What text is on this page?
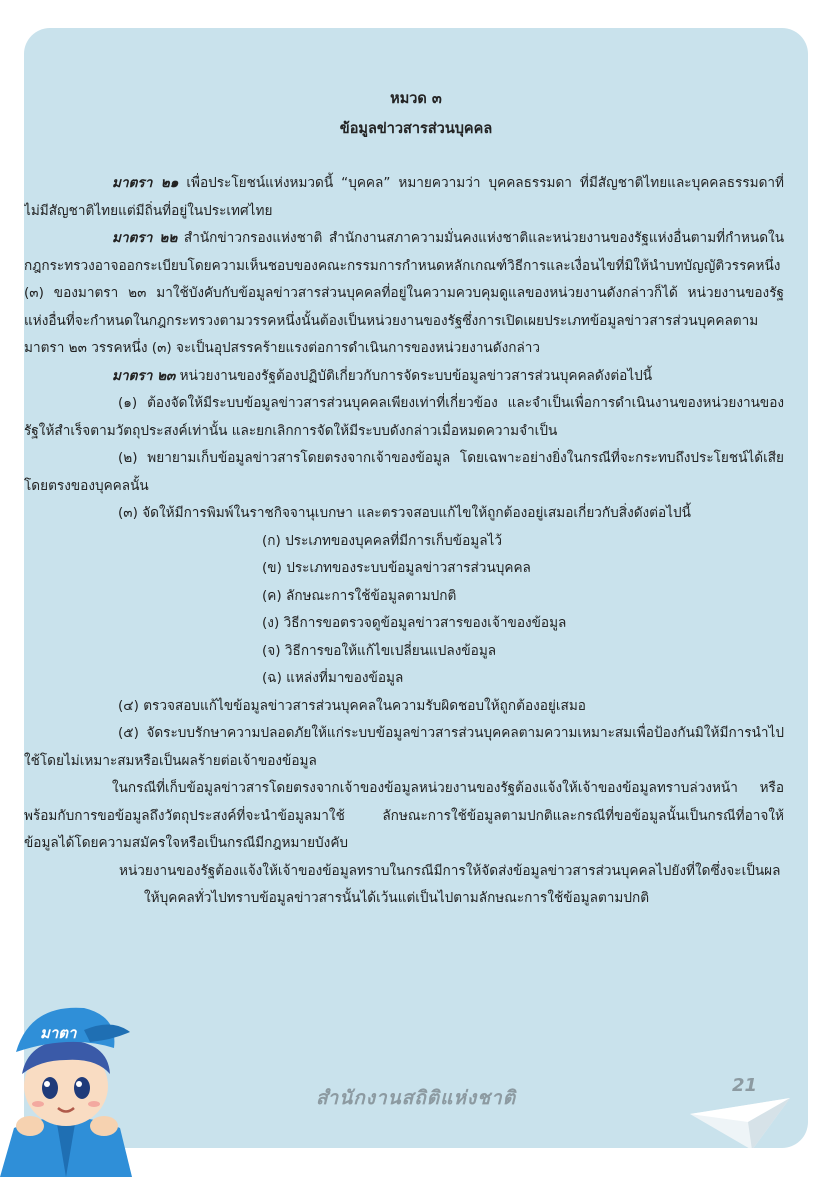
หมวด ๓
ข้อมูลข่าวสารส่วนบุคคล

มาตรา ๒๑ เพื่อประโยชน์แห่งหมวดนี้ “บุคคล” หมายความว่า บุคคลธรรมดา ที่มีสัญชาติไทยและบุคคลธรรมดาที่ไม่มีสัญชาติไทยแต่มีถิ่นที่อยู่ในประเทศไทย

มาตรา ๒๒ สำนักข่าวกรองแห่งชาติ สำนักงานสภาความมั่นคงแห่งชาติและหน่วยงานของรัฐแห่งอื่นตามที่กำหนดในกฎกระทรวงอาจออกระเบียบโดยความเห็นชอบของคณะกรรมการกำหนดหลักเกณฑ์วิธีการและเงื่อนไขที่มิให้นำบทบัญญัติวรรคหนึ่ง (๓) ของมาตรา ๒๓ มาใช้บังคับกับข้อมูลข่าวสารส่วนบุคคลที่อยู่ในความควบคุมดูแลของหน่วยงานดังกล่าวก็ได้ หน่วยงานของรัฐแห่งอื่นที่จะกำหนดในกฎกระทรวงตามวรรคหนึ่งนั้นต้องเป็นหน่วยงานของรัฐซึ่งการเปิดเผยประเภทข้อมูลข่าวสารส่วนบุคคลตามมาตรา ๒๓ วรรคหนึ่ง (๓) จะเป็นอุปสรรคร้ายแรงต่อการดำเนินการของหน่วยงานดังกล่าว

มาตรา ๒๓ หน่วยงานของรัฐต้องปฏิบัติเกี่ยวกับการจัดระบบข้อมูลข่าวสารส่วนบุคคลดังต่อไปนี้

(๑) ต้องจัดให้มีระบบข้อมูลข่าวสารส่วนบุคคลเพียงเท่าที่เกี่ยวข้อง และจำเป็นเพื่อการดำเนินงานของหน่วยงานของรัฐให้สำเร็จตามวัตถุประสงค์เท่านั้น และยกเลิกการจัดให้มีระบบดังกล่าวเมื่อหมดความจำเป็น

(๒) พยายามเก็บข้อมูลข่าวสารโดยตรงจากเจ้าของข้อมูล โดยเฉพาะอย่างยิ่งในกรณีที่จะกระทบถึงประโยชน์ได้เสียโดยตรงของบุคคลนั้น

(๓) จัดให้มีการพิมพ์ในราชกิจจานุเบกษา และตรวจสอบแก้ไขให้ถูกต้องอยู่เสมอเกี่ยวกับสิ่งดังต่อไปนี้

(ก) ประเภทของบุคคลที่มีการเก็บข้อมูลไว้

(ข) ประเภทของระบบข้อมูลข่าวสารส่วนบุคคล

(ค) ลักษณะการใช้ข้อมูลตามปกติ

(ง) วิธีการขอตรวจดูข้อมูลข่าวสารของเจ้าของข้อมูล

(จ) วิธีการขอให้แก้ไขเปลี่ยนแปลงข้อมูล

(ฉ) แหล่งที่มาของข้อมูล

(๔) ตรวจสอบแก้ไขข้อมูลข่าวสารส่วนบุคคลในความรับผิดชอบให้ถูกต้องอยู่เสมอ

(๕) จัดระบบรักษาความปลอดภัยให้แก่ระบบข้อมูลข่าวสารส่วนบุคคลตามความเหมาะสมเพื่อป้องกันมิให้มีการนำไปใช้โดยไม่เหมาะสมหรือเป็นผลร้ายต่อเจ้าของข้อมูล

ในกรณีที่เก็บข้อมูลข่าวสารโดยตรงจากเจ้าของข้อมูลหน่วยงานของรัฐต้องแจ้งให้เจ้าของข้อมูลทราบล่วงหน้า หรือพร้อมกับการขอข้อมูลถึงวัตถุประสงค์ที่จะนำข้อมูลมาใช้ ลักษณะการใช้ข้อมูลตามปกติและกรณีที่ขอข้อมูลนั้นเป็นกรณีที่อาจให้ข้อมูลได้โดยความสมัครใจหรือเป็นกรณีมีกฎหมายบังคับ

หน่วยงานของรัฐต้องแจ้งให้เจ้าของข้อมูลทราบในกรณีมีการให้จัดส่งข้อมูลข่าวสารส่วนบุคคลไปยังที่ใดซึ่งจะเป็นผลให้บุคคลทั่วไปทราบข้อมูลข่าวสารนั้นได้เว้นแต่เป็นไปตามลักษณะการใช้ข้อมูลตามปกติ

สำนักงานสถิติแห่งชาติ
21
มาตา
